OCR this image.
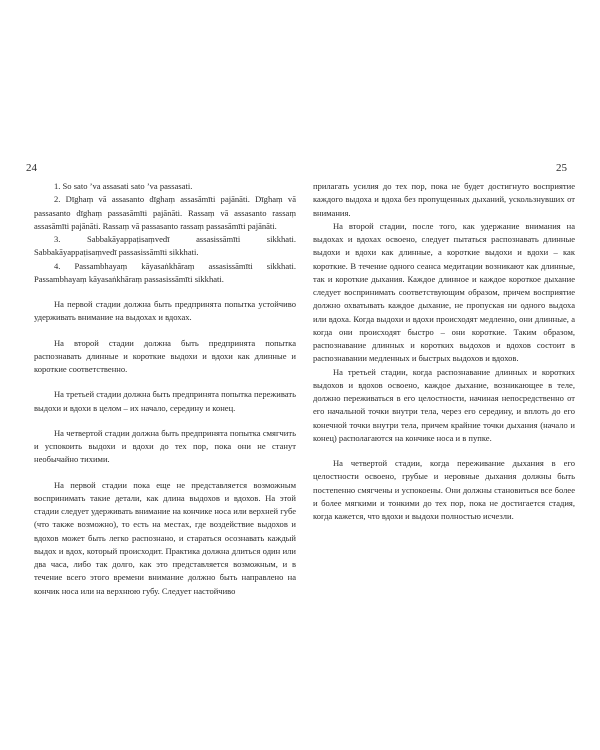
24	25

1. So sato ’va assasati sato ’va passasati.

2. Dīghaṃ vā assasanto dīghaṃ assasāmīti pajānāti. Dīghaṃ vā passasanto dīghaṃ passasāmīti pajānāti. Rassaṃ vā assasanto rassaṃ assasāmīti pajānāti. Rassaṃ vā passasanto rassaṃ passasāmīti pajānāti.

3. Sabbakāyappaṭisaṃvedī assasissāmīti sikkhati. Sabbakāyappaṭisaṃvedī passasissāmīti sikkhati.

4. Passambhayaṃ kāyasaṅkhāraṃ assasissāmīti sikkhati. Passambhayaṃ kāyasaṅkhāraṃ passasissāmīti sikkhati.

На первой стадии должна быть предпринята попытка устойчиво удерживать внимание на выдохах и вдохах.

На второй стадии должна быть предпринята попытка распознавать длинные и короткие выдохи и вдохи как длинные и короткие соответственно.

На третьей стадии должна быть предпринята попытка переживать выдохи и вдохи в целом – их начало, середину и конец.

На четвертой стадии должна быть предпринята попытка смягчить и успокоить выдохи и вдохи до тех пор, пока они не станут необычайно тихими.

На первой стадии пока еще не представляется возможным воспринимать такие детали, как длина выдохов и вдохов. На этой стадии следует удерживать внимание на кончике носа или верхней губе (что также возможно), то есть на местах, где воздействие выдохов и вдохов может быть легко распознано, и стараться осознавать каждый выдох и вдох, который происходит. Практика должна длиться один или два часа, либо так долго, как это представляется возможным, и в течение всего этого времени внимание должно быть направлено на кончик носа или на верхнюю губу. Следует настойчиво

прилагать усилия до тех пор, пока не будет достигнуто восприятие каждого выдоха и вдоха без пропущенных дыханий, ускользнувших от внимания.

На второй стадии, после того, как удержание внимания на выдохах и вдохах освоено, следует пытаться распознавать длинные выдохи и вдохи как длинные, а короткие выдохи и вдохи – как короткие. В течение одного сеанса медитации возникают как длинные, так и короткие дыхания. Каждое длинное и каждое короткое дыхание следует воспринимать соответствующим образом, причем восприятие должно охватывать каждое дыхание, не пропуская ни одного выдоха или вдоха. Когда выдохи и вдохи происходят медленно, они длинные, а когда они происходят быстро – они короткие. Таким образом, распознавание длинных и коротких выдохов и вдохов состоит в распознавании медленных и быстрых выдохов и вдохов.

На третьей стадии, когда распознавание длинных и коротких выдохов и вдохов освоено, каждое дыхание, возникающее в теле, должно переживаться в его целостности, начиная непосредственно от его начальной точки внутри тела, через его середину, и вплоть до его конечной точки внутри тела, причем крайние точки дыхания (начало и конец) располагаются на кончике носа и в пупке.

На четвертой стадии, когда переживание дыхания в его целостности освоено, грубые и неровные дыхания должны быть постепенно смягчены и успокоены. Они должны становиться все более и более мягкими и тонкими до тех пор, пока не достигается стадия, когда кажется, что вдохи и выдохи полностью исчезли.
